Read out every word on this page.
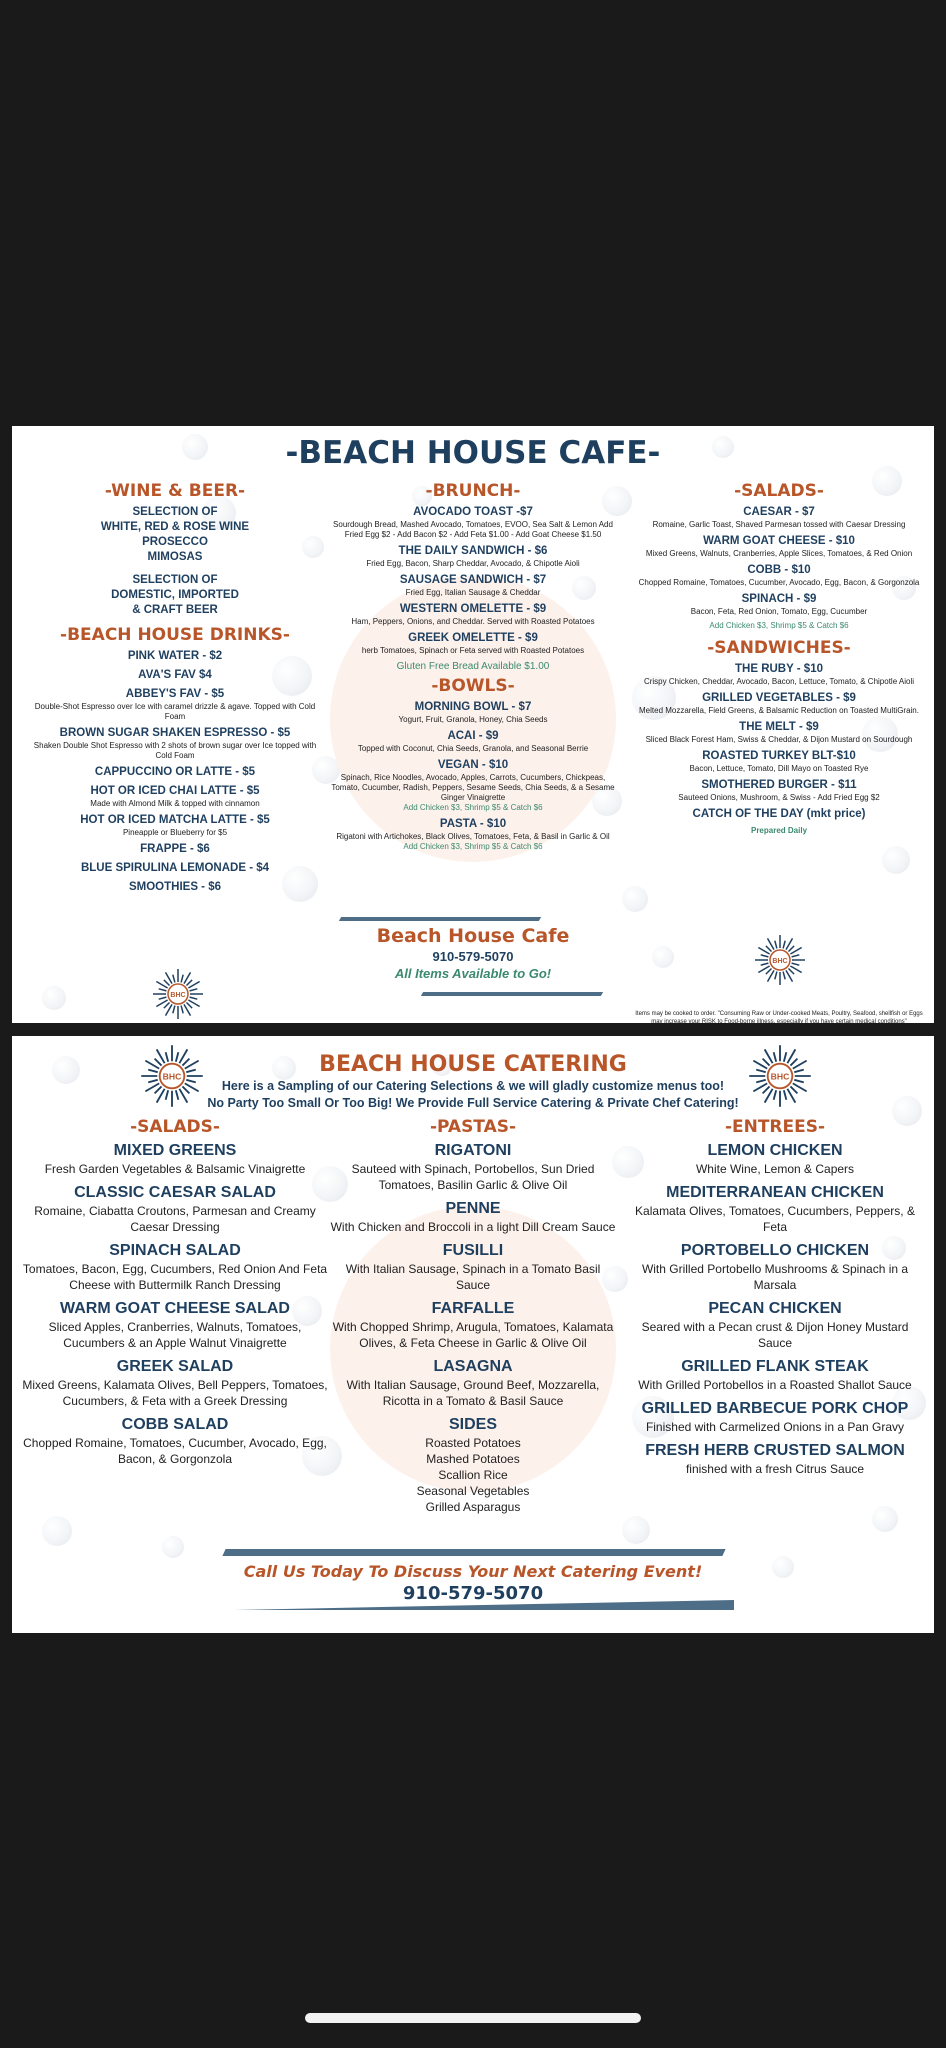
-BEACH HOUSE CAFE-
-WINE & BEER-
SELECTION OF
WHITE, RED & ROSE WINE
PROSECCO
MIMOSAS
SELECTION OF
DOMESTIC, IMPORTED
& CRAFT BEER
-BEACH HOUSE DRINKS-
PINK WATER - $2
AVA'S FAV $4
ABBEY'S FAV - $5
Double-Shot Espresso over Ice with caramel drizzle & agave. Topped with Cold Foam
BROWN SUGAR SHAKEN ESPRESSO - $5
Shaken Double Shot Espresso with 2 shots of brown sugar over Ice topped with Cold Foam
CAPPUCCINO OR LATTE - $5
HOT OR ICED CHAI LATTE - $5
Made with Almond Milk & topped with cinnamon
HOT OR ICED MATCHA LATTE - $5
Pineapple or Blueberry for $5
FRAPPE - $6
BLUE SPIRULINA LEMONADE - $4
SMOOTHIES - $6
BHC
-BRUNCH-
AVOCADO TOAST -$7
Sourdough Bread, Mashed Avocado, Tomatoes, EVOO, Sea Salt & Lemon Add Fried Egg $2 - Add Bacon $2 - Add Feta $1.00 - Add Goat Cheese $1.50
THE DAILY SANDWICH - $6
Fried Egg, Bacon, Sharp Cheddar, Avocado, & Chipotle Aioli
SAUSAGE SANDWICH - $7
Fried Egg, Italian Sausage & Cheddar
WESTERN OMELETTE - $9
Ham, Peppers, Onions, and Cheddar. Served with Roasted Potatoes
GREEK OMELETTE - $9
herb Tomatoes, Spinach or Feta served with Roasted Potatoes
Gluten Free Bread Available $1.00
-BOWLS-
MORNING BOWL - $7
Yogurt, Fruit, Granola, Honey, Chia Seeds
ACAI - $9
Topped with Coconut, Chia Seeds, Granola, and Seasonal Berrie
VEGAN - $10
Spinach, Rice Noodles, Avocado, Apples, Carrots, Cucumbers, Chickpeas, Tomato, Cucumber, Radish, Peppers, Sesame Seeds, Chia Seeds, & a Sesame Ginger Vinaigrette
Add Chicken $3, Shrimp $5 & Catch $6
PASTA - $10
Rigatoni with Artichokes, Black Olives, Tomatoes, Feta, & Basil in Garlic & Oil
Add Chicken $3, Shrimp $5 & Catch $6
Beach House Cafe
910-579-5070
All Items Available to Go!
-SALADS-
CAESAR - $7
Romaine, Garlic Toast, Shaved Parmesan tossed with Caesar Dressing
WARM GOAT CHEESE - $10
Mixed Greens, Walnuts, Cranberries, Apple Slices, Tomatoes, & Red Onion
COBB - $10
Chopped Romaine, Tomatoes, Cucumber, Avocado, Egg, Bacon, & Gorgonzola
SPINACH - $9
Bacon, Feta, Red Onion, Tomato, Egg, Cucumber
Add Chicken $3, Shrimp $5 & Catch $6
-SANDWICHES-
THE RUBY - $10
Crispy Chicken, Cheddar, Avocado, Bacon, Lettuce, Tomato, & Chipotle Aioli
GRILLED VEGETABLES - $9
Melted Mozzarella, Field Greens, & Balsamic Reduction on Toasted MultiGrain.
THE MELT - $9
Sliced Black Forest Ham, Swiss & Cheddar, & Dijon Mustard on Sourdough
ROASTED TURKEY BLT-$10
Bacon, Lettuce, Tomato, Dill Mayo on Toasted Rye
SMOTHERED BURGER - $11
Sauteed Onions, Mushroom, & Swiss - Add Fried Egg $2
CATCH OF THE DAY (mkt price)
Prepared Daily
BHC
Items may be cooked to order. "Consuming Raw or Under-cooked Meats, Poultry, Seafood, shellfish or Eggs may increase your RISK to Food-borne illness, especially if you have certain medical conditions"
BHC	BHC
BEACH HOUSE CATERING
Here is a Sampling of our Catering Selections & we will gladly customize menus too!
No Party Too Small Or Too Big! We Provide Full Service Catering & Private Chef Catering!
-SALADS-
MIXED GREENS
Fresh Garden Vegetables & Balsamic Vinaigrette
CLASSIC CAESAR SALAD
Romaine, Ciabatta Croutons, Parmesan and Creamy Caesar Dressing
SPINACH SALAD
Tomatoes, Bacon, Egg, Cucumbers, Red Onion And Feta Cheese with Buttermilk Ranch Dressing
WARM GOAT CHEESE SALAD
Sliced Apples, Cranberries, Walnuts, Tomatoes, Cucumbers & an Apple Walnut Vinaigrette
GREEK SALAD
Mixed Greens, Kalamata Olives, Bell Peppers, Tomatoes, Cucumbers, & Feta with a Greek Dressing
COBB SALAD
Chopped Romaine, Tomatoes, Cucumber, Avocado, Egg, Bacon, & Gorgonzola
-PASTAS-
RIGATONI
Sauteed with Spinach, Portobellos, Sun Dried Tomatoes, Basilin Garlic & Olive Oil
PENNE
With Chicken and Broccoli in a light Dill Cream Sauce
FUSILLI
With Italian Sausage, Spinach in a Tomato Basil Sauce
FARFALLE
With Chopped Shrimp, Arugula, Tomatoes, Kalamata Olives, & Feta Cheese in Garlic & Olive Oil
LASAGNA
With Italian Sausage, Ground Beef, Mozzarella, Ricotta in a Tomato & Basil Sauce
SIDES
Roasted Potatoes
Mashed Potatoes
Scallion Rice
Seasonal Vegetables
Grilled Asparagus
-ENTREES-
LEMON CHICKEN
White Wine, Lemon & Capers
MEDITERRANEAN CHICKEN
Kalamata Olives, Tomatoes, Cucumbers, Peppers, & Feta
PORTOBELLO CHICKEN
With Grilled Portobello Mushrooms & Spinach in a Marsala
PECAN CHICKEN
Seared with a Pecan crust & Dijon Honey Mustard Sauce
GRILLED FLANK STEAK
With Grilled Portobellos in a Roasted Shallot Sauce
GRILLED BARBECUE PORK CHOP
Finished with Carmelized Onions in a Pan Gravy
FRESH HERB CRUSTED SALMON
finished with a fresh Citrus Sauce
Call Us Today To Discuss Your Next Catering Event!
910-579-5070
